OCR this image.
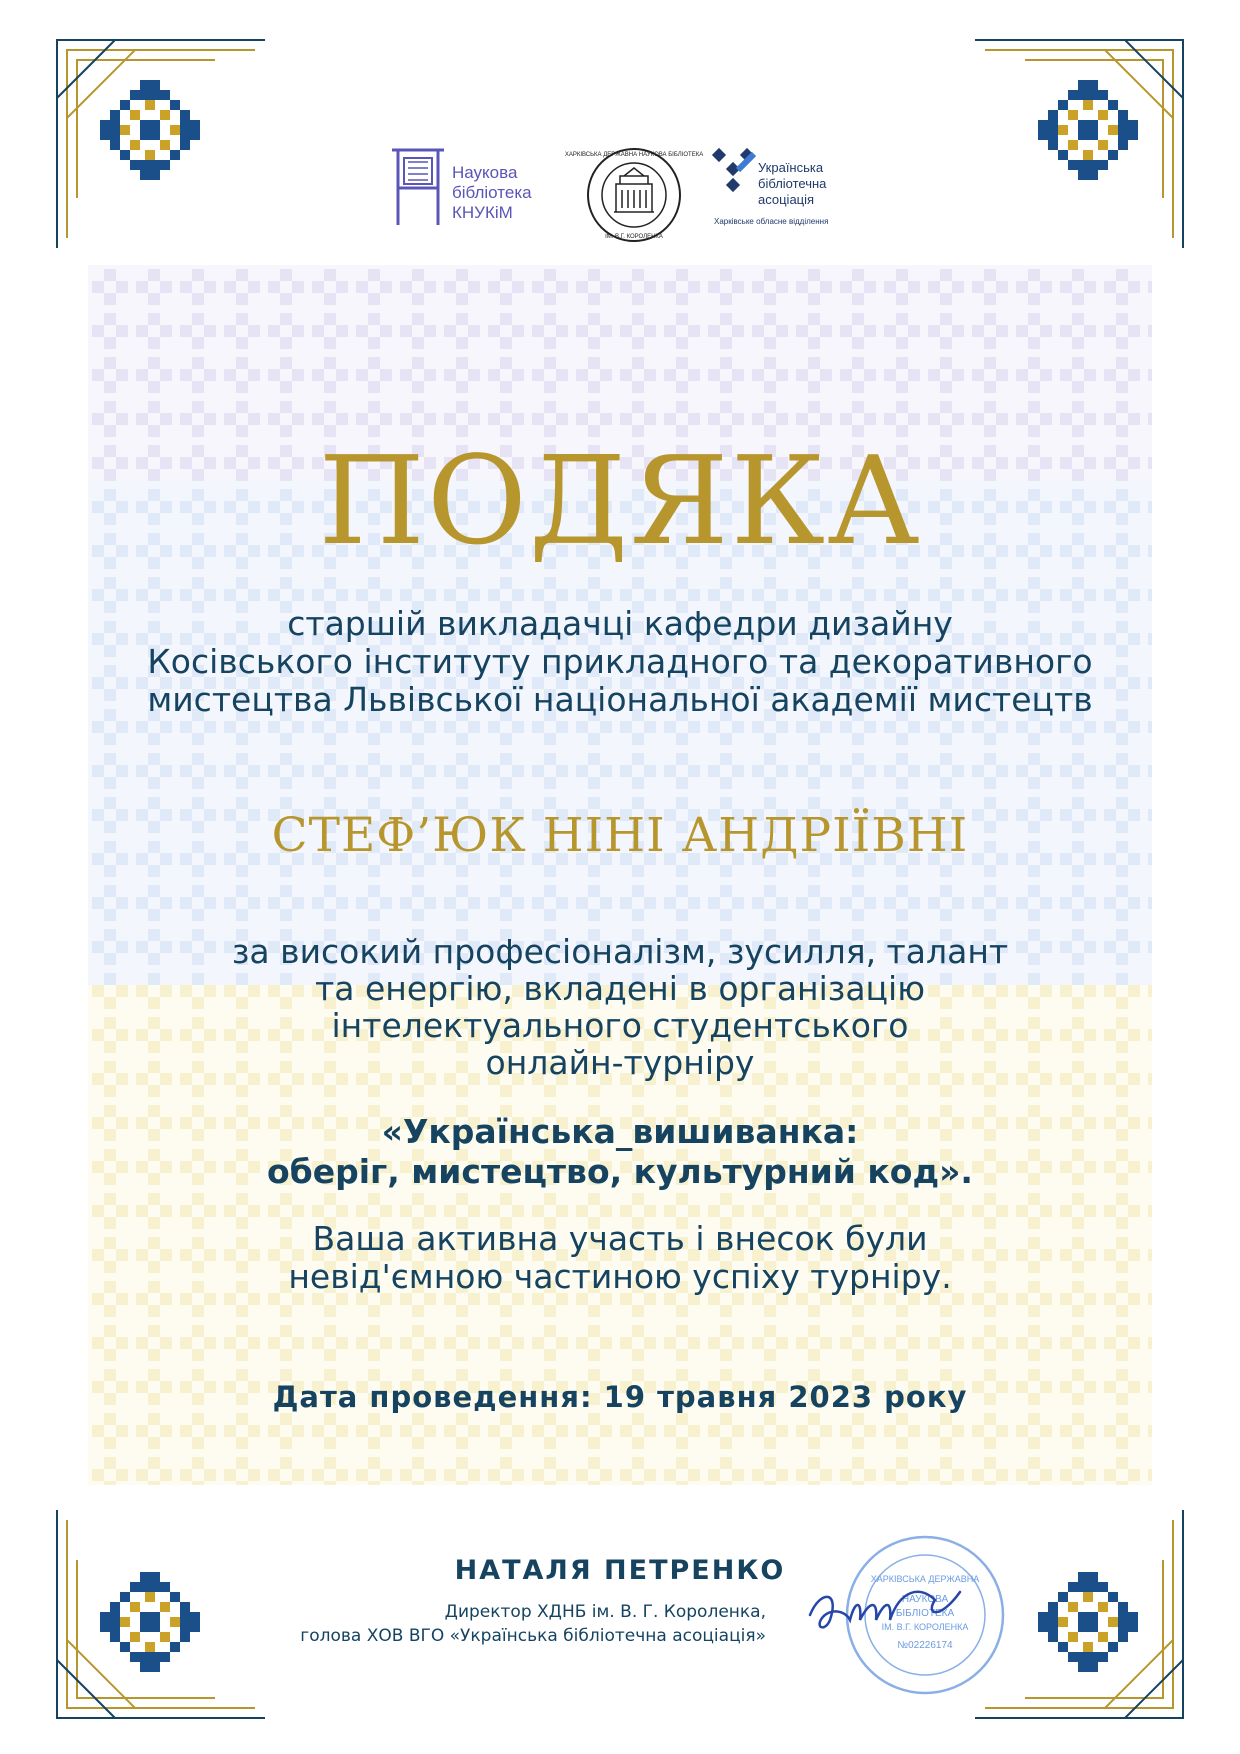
Наукова
бібліотека
КНУКіМ
ХАРКІВСЬКА ДЕРЖАВНА НАУКОВА БІБЛІОТЕКА
ІМ. В.Г. КОРОЛЕНКА
Українська
бібліотечна
асоціація
Харківське обласне відділення
ПОДЯКА
старшій викладачці кафедри дизайну
Косівського інституту прикладного та декоративного
мистецтва Львівської національної академії мистецтв
СТЕФ’ЮК НІНІ АНДРІЇВНІ
за високий професіоналізм, зусилля, талант
та енергію, вкладені в організацію
інтелектуального студентського
онлайн-турніру
«Українська_вишиванка:
оберіг, мистецтво, культурний код».
Ваша активна участь і внесок були
невід'ємною частиною успіху турніру.
Дата проведення: 19 травня 2023 року
НАТАЛЯ ПЕТРЕНКО
Директор ХДНБ ім. В. Г. Короленка,
голова ХОВ ВГО «Українська бібліотечна асоціація»
ХАРКІВСЬКА ДЕРЖАВНА
НАУКОВА
БІБЛІОТЕКА
ІМ. В.Г. КОРОЛЕНКА
№02226174
